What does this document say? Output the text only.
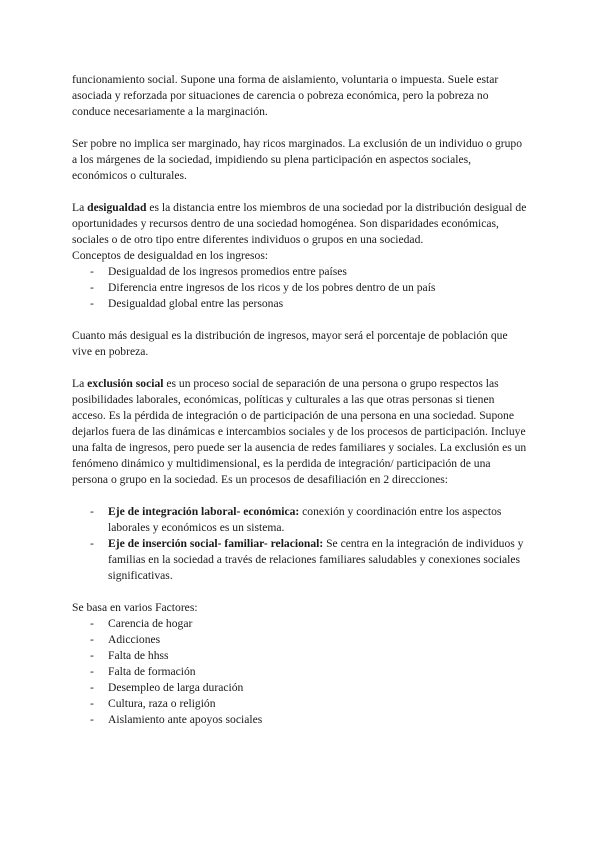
funcionamiento social. Supone una forma de aislamiento, voluntaria o impuesta. Suele estar asociada y reforzada por situaciones de carencia o pobreza económica, pero la pobreza no conduce necesariamente a la marginación.

Ser pobre no implica ser marginado, hay ricos marginados. La exclusión de un individuo o grupo a los márgenes de la sociedad, impidiendo su plena participación en aspectos sociales, económicos o culturales.

La desigualdad es la distancia entre los miembros de una sociedad por la distribución desigual de oportunidades y recursos dentro de una sociedad homogénea. Son disparidades económicas, sociales o de otro tipo entre diferentes individuos o grupos en una sociedad.

Conceptos de desigualdad en los ingresos:

- Desigualdad de los ingresos promedios entre países
- Diferencia entre ingresos de los ricos y de los pobres dentro de un país
- Desigualdad global entre las personas

Cuanto más desigual es la distribución de ingresos, mayor será el porcentaje de población que vive en pobreza.

La exclusión social es un proceso social de separación de una persona o grupo respectos las posibilidades laborales, económicas, políticas y culturales a las que otras personas si tienen acceso. Es la pérdida de integración o de participación de una persona en una sociedad. Supone dejarlos fuera de las dinámicas e intercambios sociales y de los procesos de participación. Incluye una falta de ingresos, pero puede ser la ausencia de redes familiares y sociales. La exclusión es un fenómeno dinámico y multidimensional, es la perdida de integración/ participación de una persona o grupo en la sociedad. Es un procesos de desafiliación en 2 direcciones:

- Eje de integración laboral- económica: conexión y coordinación entre los aspectos laborales y económicos es un sistema.
- Eje de inserción social- familiar- relacional: Se centra en la integración de individuos y familias en la sociedad a través de relaciones familiares saludables y conexiones sociales significativas.

Se basa en varios Factores:

- Carencia de hogar
- Adicciones
- Falta de hhss
- Falta de formación
- Desempleo de larga duración
- Cultura, raza o religión
- Aislamiento ante apoyos sociales
